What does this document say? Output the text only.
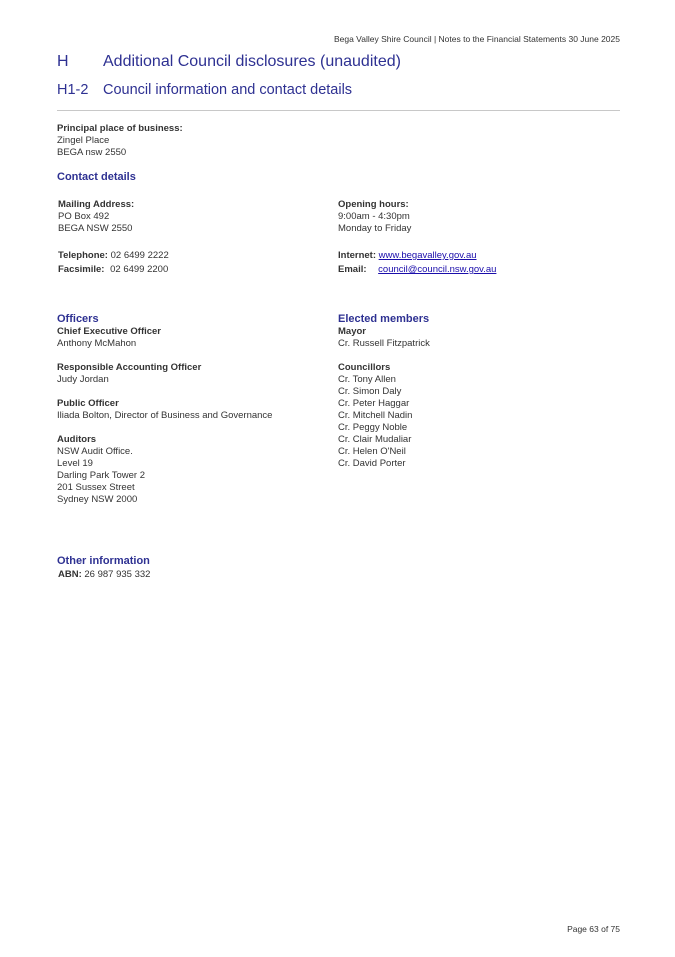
Bega Valley Shire Council | Notes to the Financial Statements 30 June 2025
H Additional Council disclosures (unaudited)
H1-2 Council information and contact details
Principal place of business:
Zingel Place
BEGA nsw 2550
Contact details
Mailing Address:
PO Box 492
BEGA NSW 2550
Opening hours:
9:00am - 4:30pm
Monday to Friday
Telephone: 02 6499 2222
Facsimile: 02 6499 2200
Internet: www.begavalley.gov.au
Email: council@council.nsw.gov.au
Officers
Chief Executive Officer
Anthony McMahon
Responsible Accounting Officer
Judy Jordan
Public Officer
Iliada Bolton, Director of Business and Governance
Auditors
NSW Audit Office.
Level 19
Darling Park Tower 2
201 Sussex Street
Sydney NSW 2000
Elected members
Mayor
Cr. Russell Fitzpatrick
Councillors
Cr. Tony Allen
Cr. Simon Daly
Cr. Peter Haggar
Cr. Mitchell Nadin
Cr. Peggy Noble
Cr. Clair Mudaliar
Cr. Helen O'Neil
Cr. David Porter
Other information
ABN: 26 987 935 332
Page 63 of 75
